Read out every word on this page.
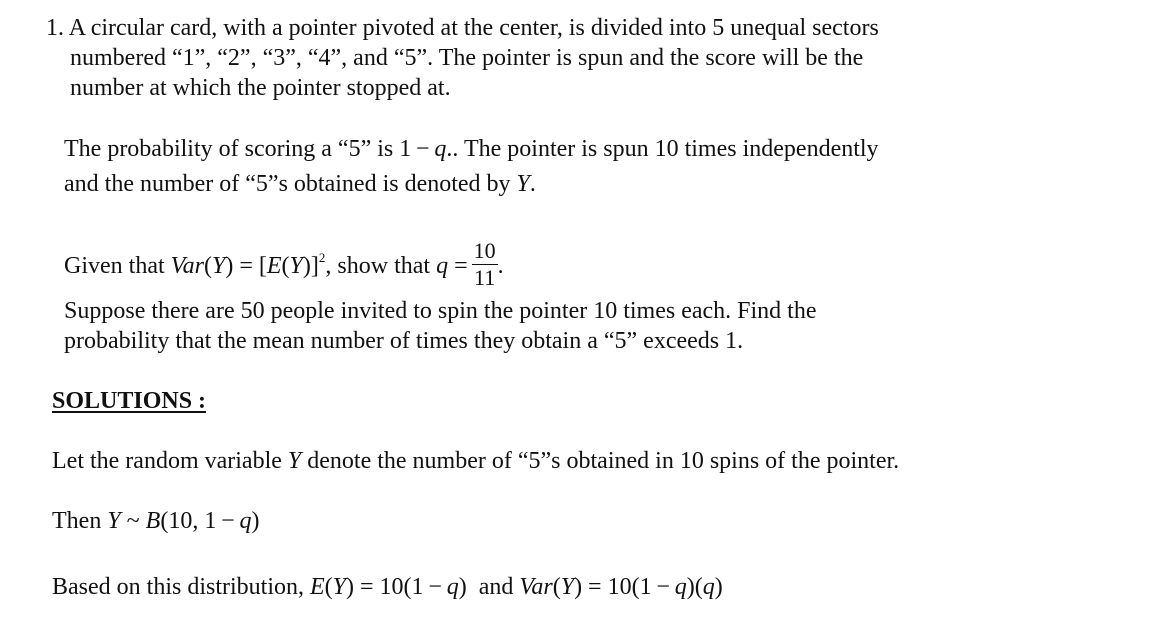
1. A circular card, with a pointer pivoted at the center, is divided into 5 unequal sectors
numbered “1”, “2”, “3”, “4”, and “5”. The pointer is spun and the score will be the
number at which the pointer stopped at.
The probability of scoring a “5” is 1 − q.. The pointer is spun 10 times independently
and the number of “5”s obtained is denoted by Y.
Given that $Var(Y) = [E(Y)]^2$, show that $q = \frac{10}{11}$ .
Suppose there are 50 people invited to spin the pointer 10 times each. Find the
probability that the mean number of times they obtain a “5” exceeds 1.
SOLUTIONS :
Let the random variable Y denote the number of “5”s obtained in 10 spins of the pointer.
Then Y ~ B(10, 1 − q)
Based on this distribution, E(Y) = 10(1 − q)  and Var(Y) = 10(1 − q)(q)
